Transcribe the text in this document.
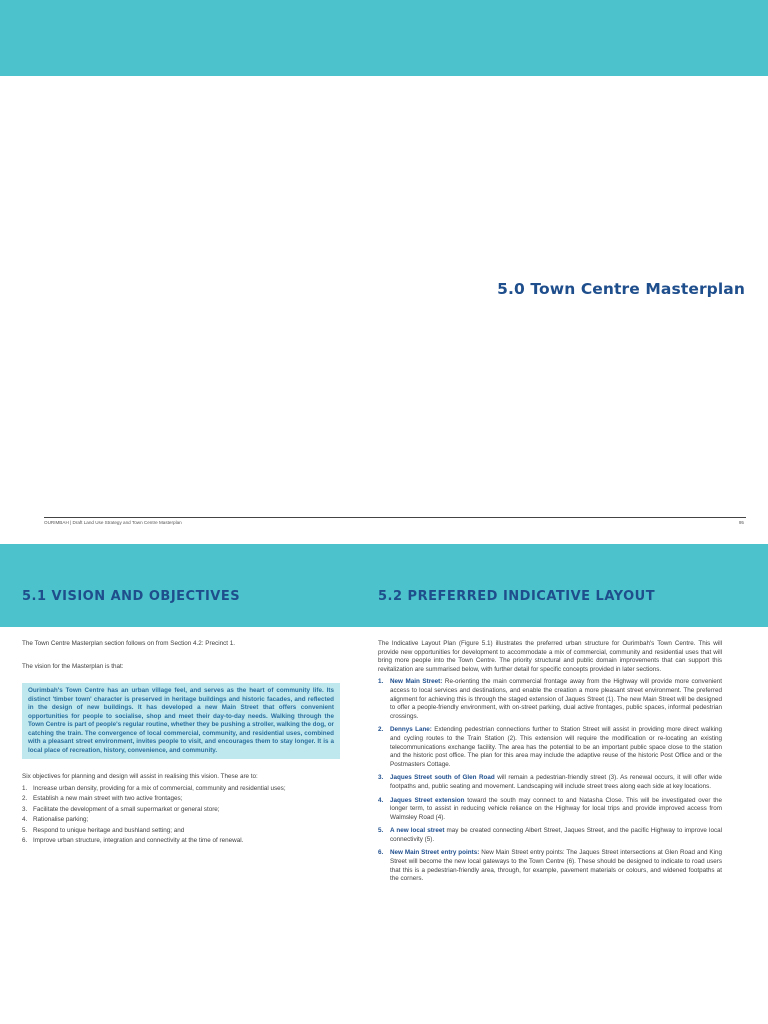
5.0 Town Centre Masterplan
OURIMBAH | Draft Land Use Strategy and Town Centre Masterplan	95
5.1 VISION AND OBJECTIVES	5.2 PREFERRED INDICATIVE LAYOUT

The Town Centre Masterplan section follows on from Section 4.2: Precinct 1.

The vision for the Masterplan is that:

Ourimbah's Town Centre has an urban village feel, and serves as the heart of community life. Its distinct 'timber town' character is preserved in heritage buildings and historic facades, and reflected in the design of new buildings. It has developed a new Main Street that offers convenient opportunities for people to socialise, shop and meet their day-to-day needs. Walking through the Town Centre is part of people's regular routine, whether they be pushing a stroller, walking the dog, or catching the train. The convergence of local commercial, community, and residential uses, combined with a pleasant street environment, invites people to visit, and encourages them to stay longer. It is a local place of recreation, history, convenience, and community.

Six objectives for planning and design will assist in realising this vision. These are to:

1. Increase urban density, providing for a mix of commercial, community and residential uses;
2. Establish a new main street with two active frontages;
3. Facilitate the development of a small supermarket or general store;
4. Rationalise parking;
5. Respond to unique heritage and bushland setting; and
6. Improve urban structure, integration and connectivity at the time of renewal.

The Indicative Layout Plan (Figure 5.1) illustrates the preferred urban structure for Ourimbah's Town Centre. This will provide new opportunities for development to accommodate a mix of commercial, community and residential uses that will bring more people into the Town Centre. The priority structural and public domain improvements that can support this revitalization are summarised below, with further detail for specific concepts provided in later sections.

1.	New Main Street: Re-orienting the main commercial frontage away from the Highway will provide more convenient access to local services and destinations, and enable the creation a more pleasant street environment. The preferred alignment for achieving this is through the staged extension of Jaques Street (1). The new Main Street will be designed to offer a people-friendly environment, with on-street parking, dual active frontages, public spaces, informal pedestrian crossings.
2.	Dennys Lane: Extending pedestrian connections further to Station Street will assist in providing more direct walking and cycling routes to the Train Station (2). This extension will require the modification or re-locating an existing telecommunications exchange facility. The area has the potential to be an important public space close to the station and the historic post office. The plan for this area may include the adaptive reuse of the historic Post Office and or the Postmasters Cottage.
3.	Jaques Street south of Glen Road will remain a pedestrian-friendly street (3). As renewal occurs, it will offer wide footpaths and, public seating and movement. Landscaping will include street trees along each side at key locations.
4.	Jaques Street extension toward the south may connect to and Natasha Close. This will be investigated over the longer term, to assist in reducing vehicle reliance on the Highway for local trips and provide improved access from Walmsley Road (4).
5.	A new local street may be created connecting Albert Street, Jaques Street, and the pacific Highway to improve local connectivity (5).
6.	New Main Street entry points: New Main Street entry points: The Jaques Street intersections at Glen Road and King Street will become the new local gateways to the Town Centre (6). These should be designed to indicate to road users that this is a pedestrian-friendly area, through, for example, pavement materials or colours, and widened footpaths at the corners.
